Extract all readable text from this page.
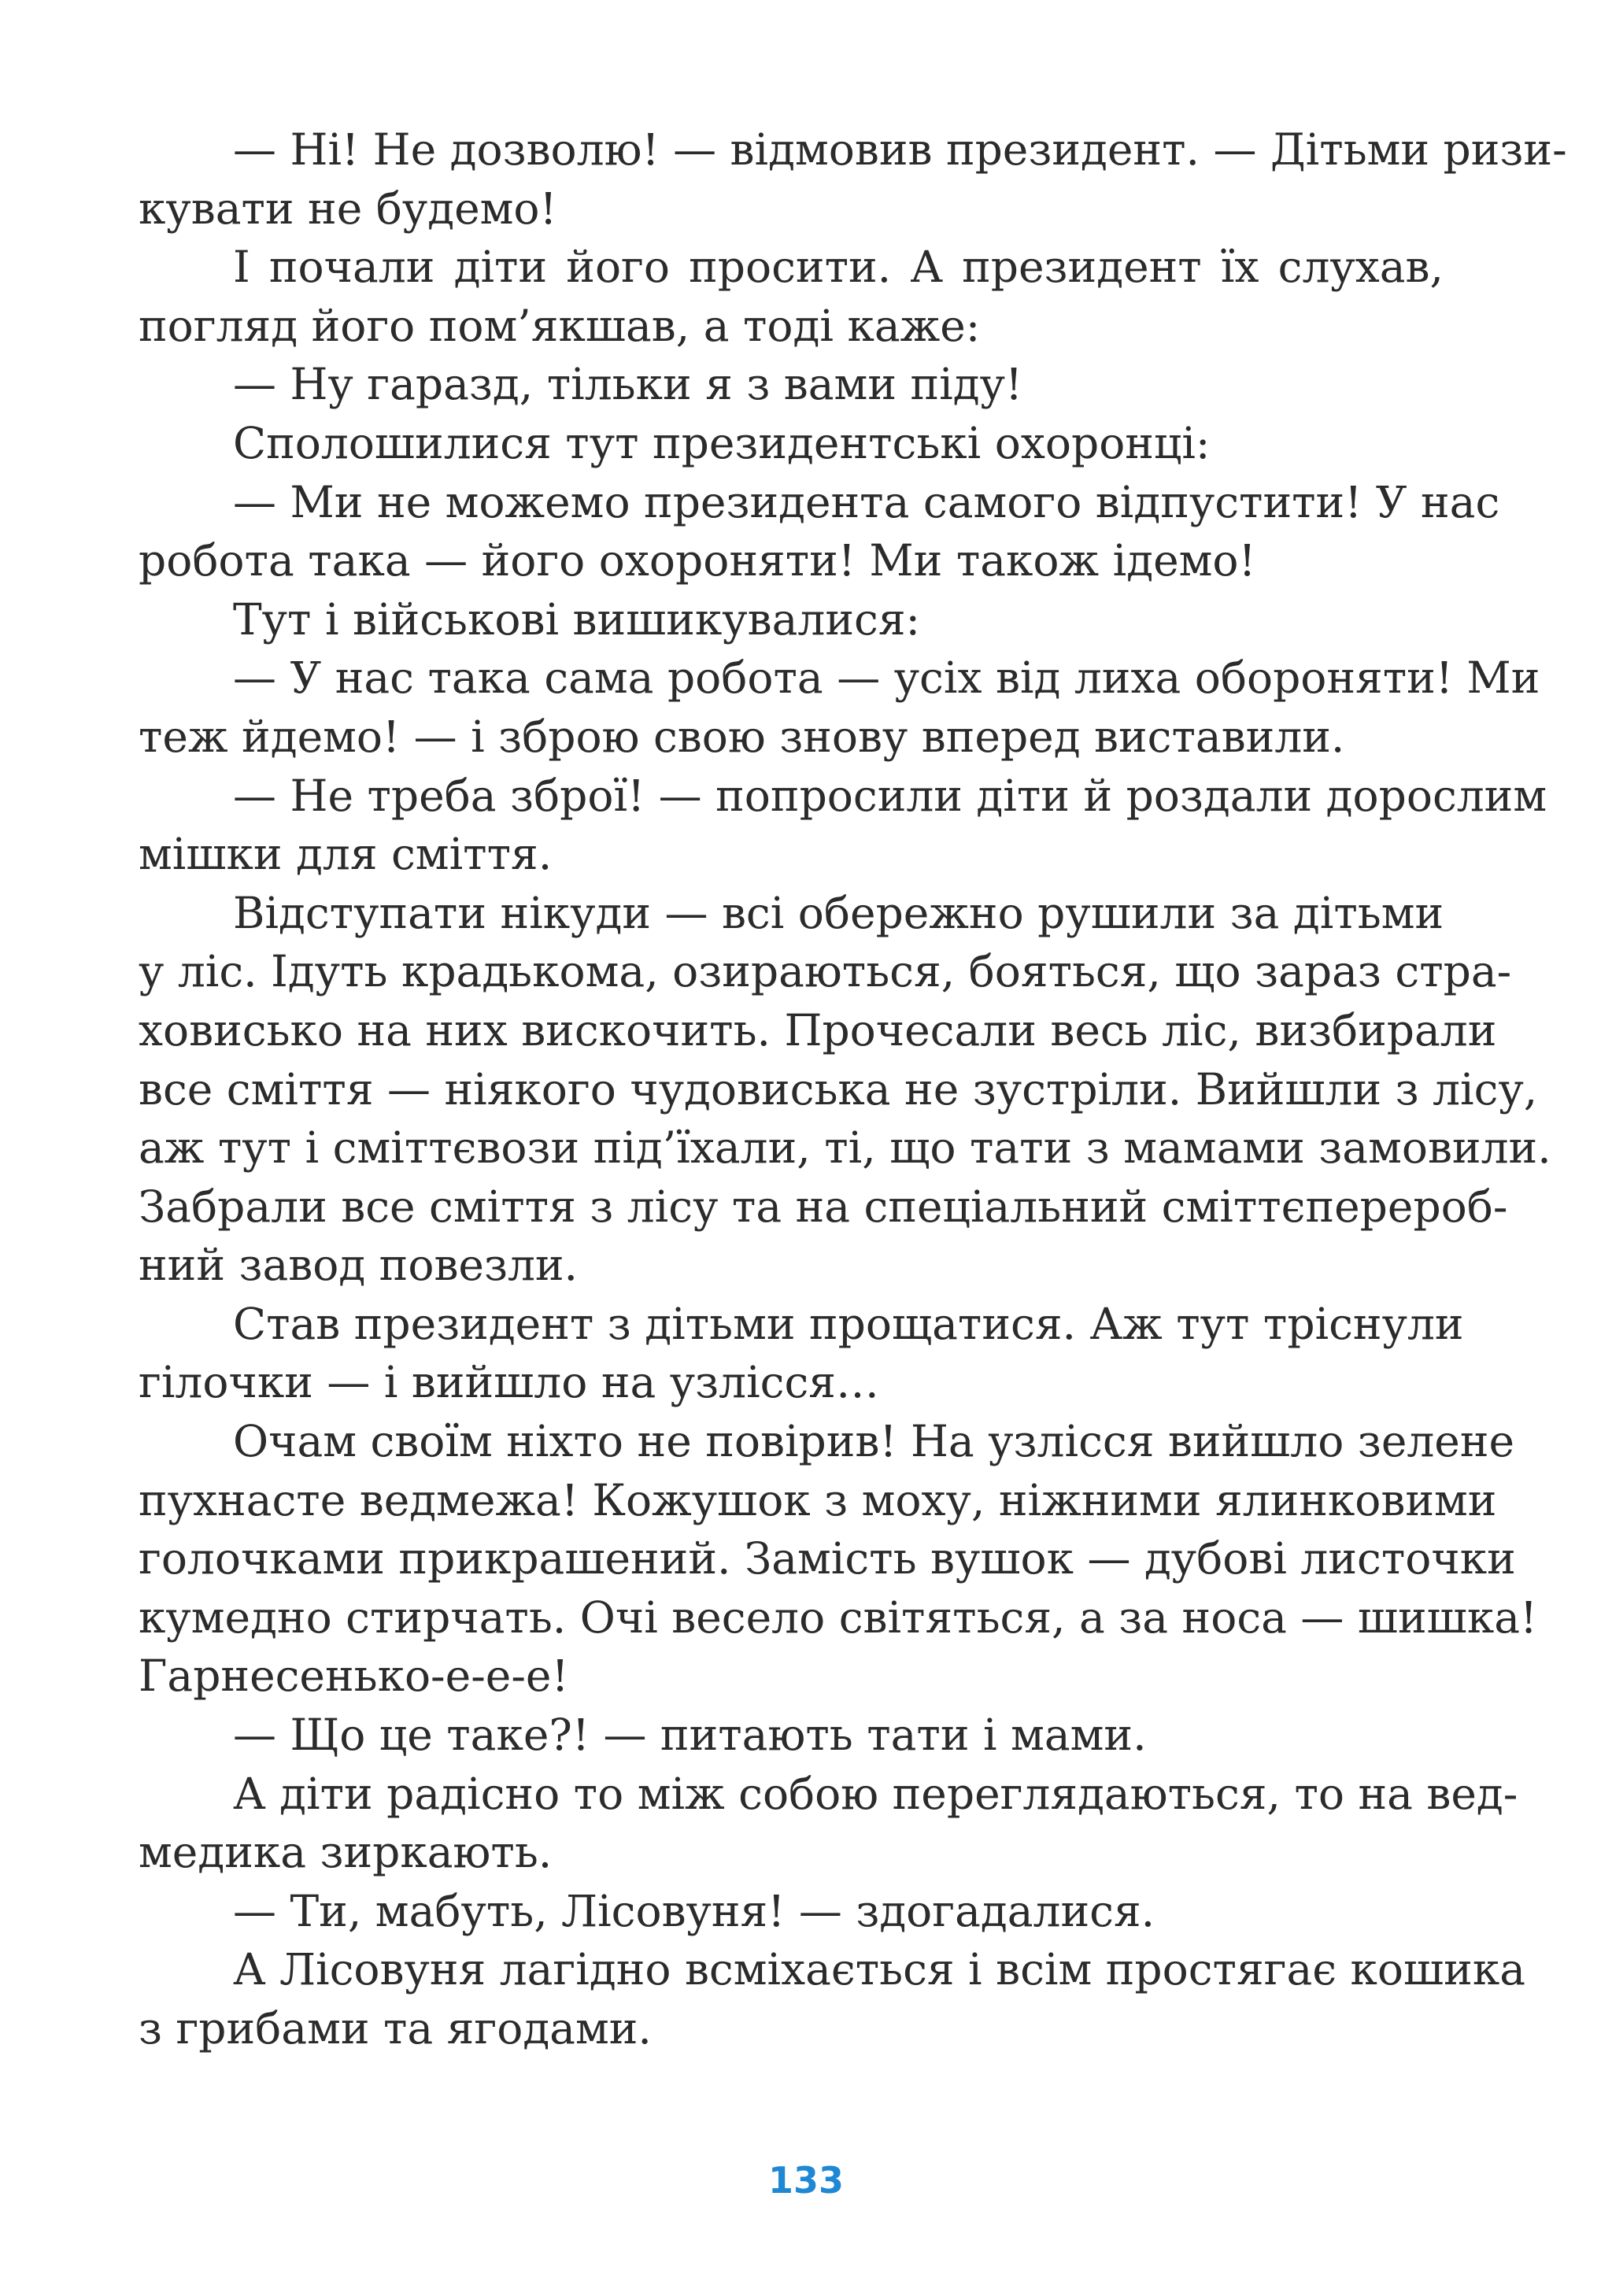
— Ні! Не дозволю! — відмовив президент. — Дітьми ризи-
кувати не будемо!
І почали діти його просити. А президент їх слухав,
погляд його пом’якшав, а тоді каже:
— Ну гаразд, тільки я з вами піду!
Сполошилися тут президентські охоронці:
— Ми не можемо президента самого відпустити! У нас
робота така — його охороняти! Ми також ідемо!
Тут і військові вишикувалися:
— У нас така сама робота — усіх від лиха обороняти! Ми
теж йдемо! — і зброю свою знову вперед виставили.
— Не треба зброї! — попросили діти й роздали дорослим
мішки для сміття.
Відступати нікуди — всі обережно рушили за дітьми
у ліс. Ідуть крадькома, озираються, бояться, що зараз стра-
ховисько на них вискочить. Прочесали весь ліс, визбирали
все сміття — ніякого чудовиська не зустріли. Вийшли з лісу,
аж тут і сміттєвози під’їхали, ті, що тати з мамами замовили.
Забрали все сміття з лісу та на спеціальний сміттєперероб-
ний завод повезли.
Став президент з дітьми прощатися. Аж тут тріснули
гілочки — і вийшло на узлісся…
Очам своїм ніхто не повірив! На узлісся вийшло зелене
пухнасте ведмежа! Кожушок з моху, ніжними ялинковими
голочками прикрашений. Замість вушок — дубові листочки
кумедно стирчать. Очі весело світяться, а за носа — шишка!
Гарнесенько-е-е-е!
— Що це таке?! — питають тати і мами.
А діти радісно то між собою переглядаються, то на вед-
медика зиркають.
— Ти, мабуть, Лісовуня! — здогадалися.
А Лісовуня лагідно всміхається і всім простягає кошика
з грибами та ягодами.
133
